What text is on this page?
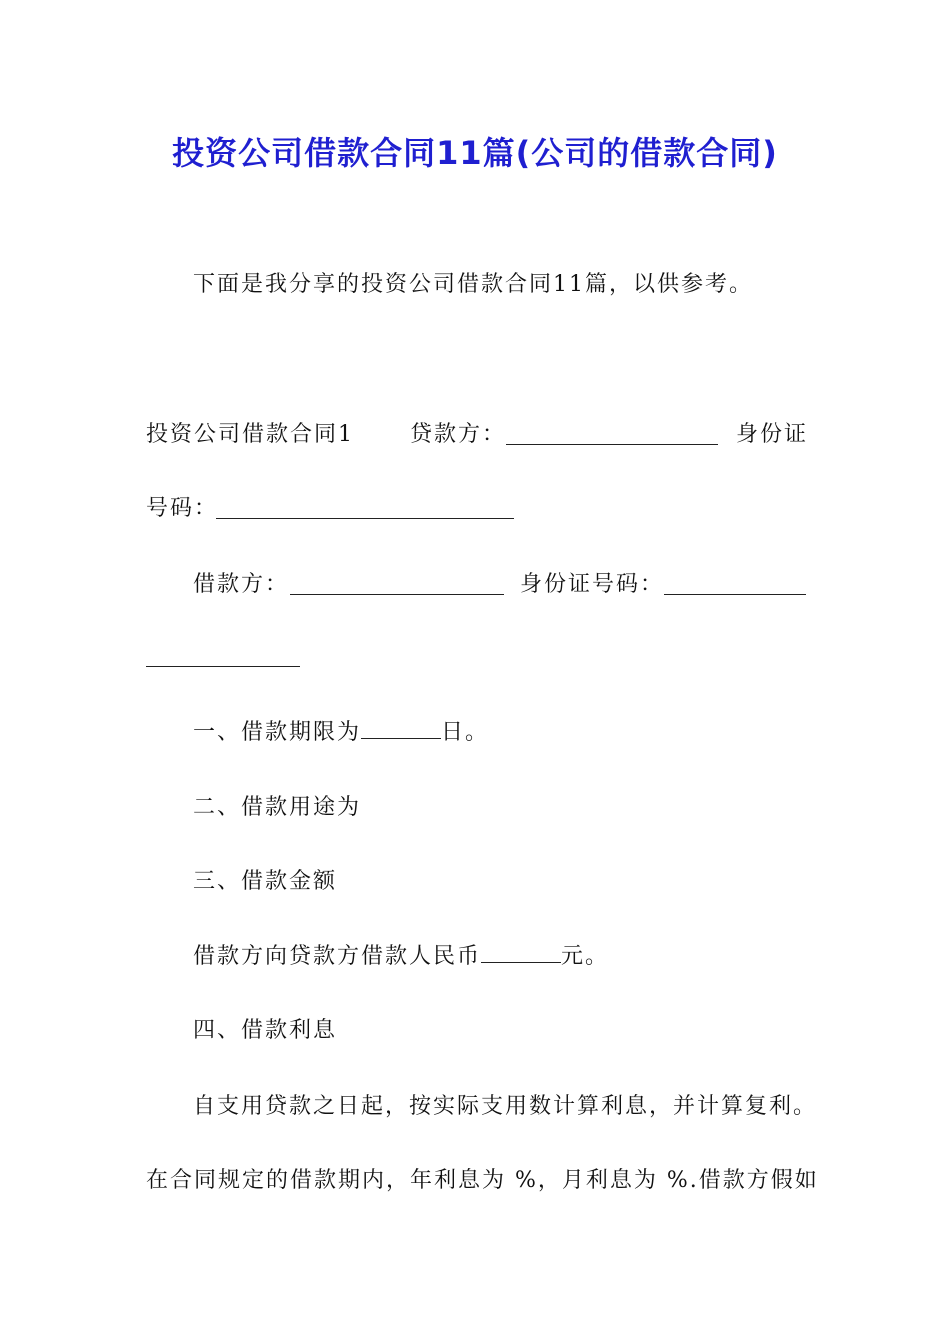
投资公司借款合同11篇(公司的借款合同)
下面是我分享的投资公司借款合同11篇，以供参考。
投资公司借款合同1	贷款方：	身份证
号码：
借款方：	身份证号码：
一、借款期限为	日。
二、借款用途为
三、借款金额
借款方向贷款方借款人民币	元。
四、借款利息
自支用贷款之日起，按实际支用数计算利息，并计算复利。
在合同规定的借款期内，年利息为 %，月利息为 %.借款方假如
